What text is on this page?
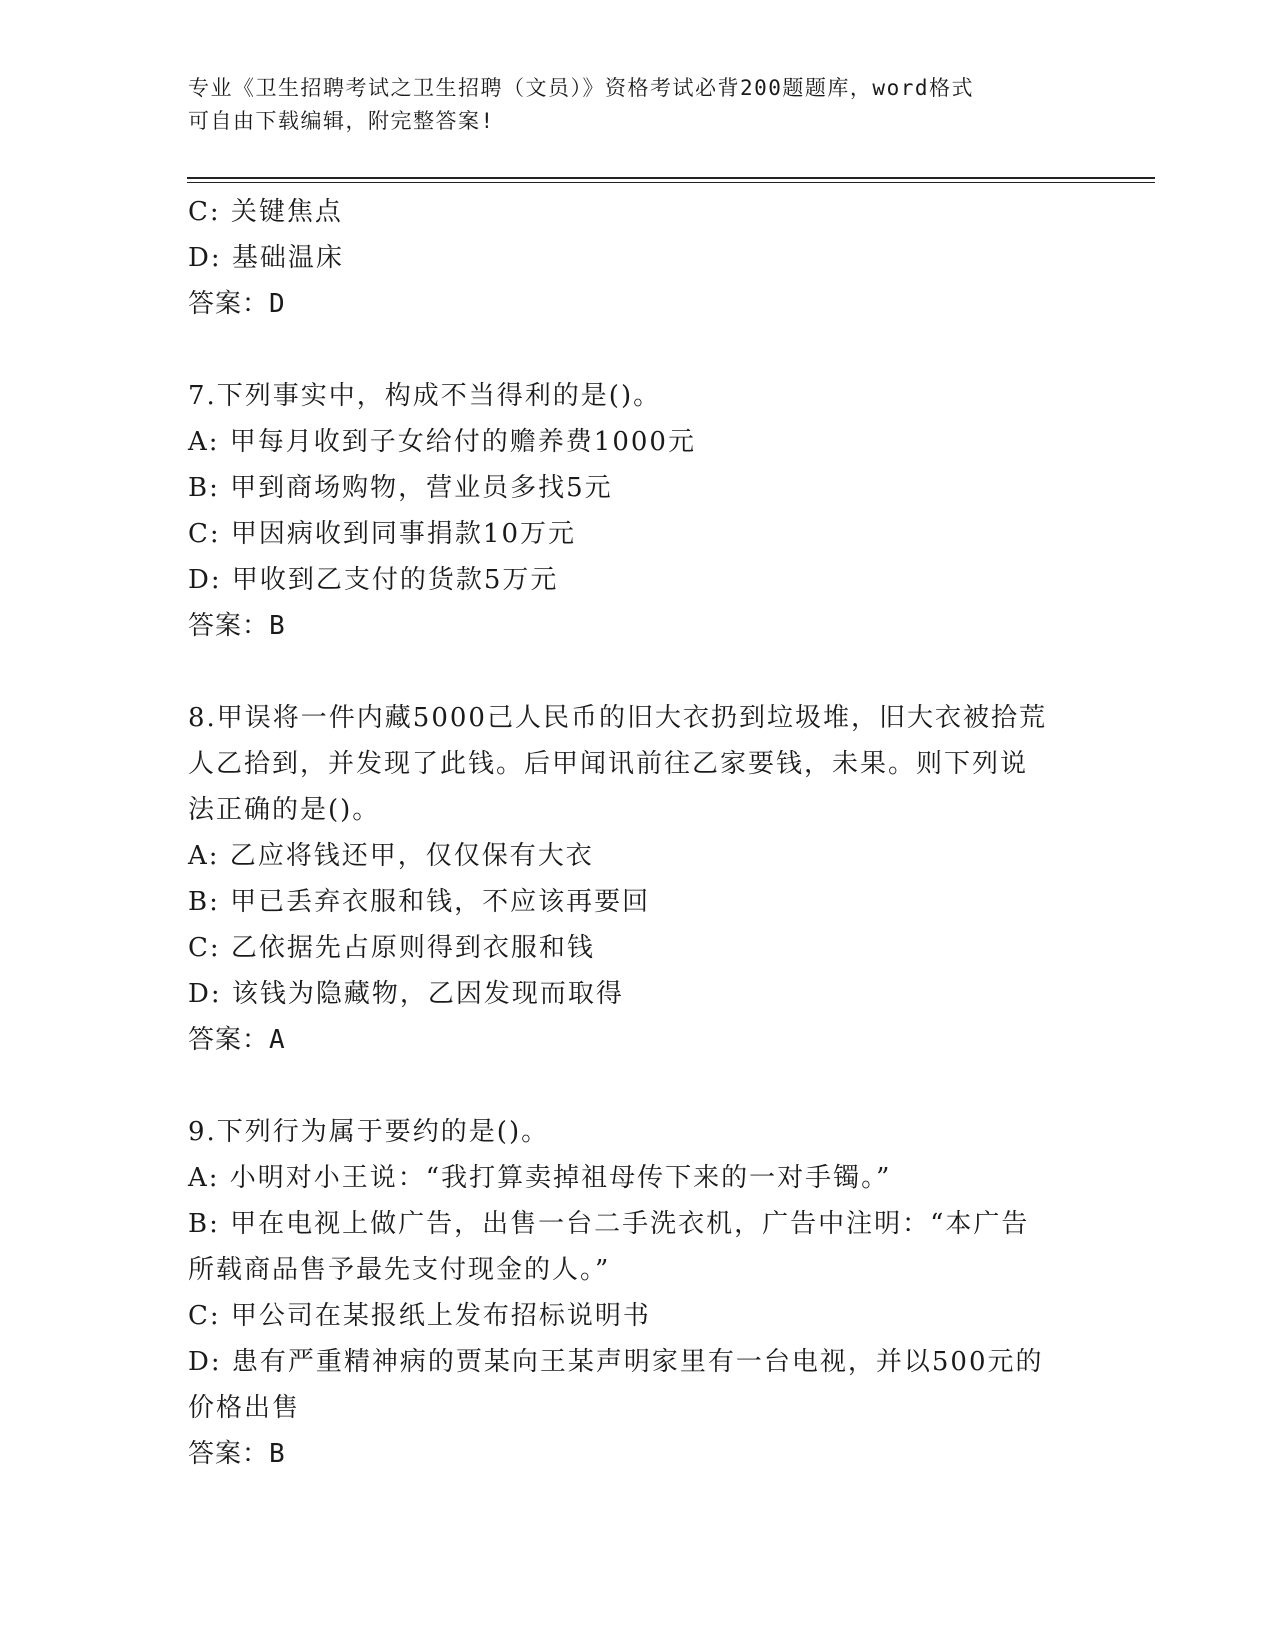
专业《卫生招聘考试之卫生招聘（文员）》资格考试必背200题题库，word格式
可自由下载编辑，附完整答案!
C: 关键焦点
D: 基础温床
答案：D
7.下列事实中，构成不当得利的是()。
A: 甲每月收到子女给付的赡养费1000元
B: 甲到商场购物，营业员多找5元
C: 甲因病收到同事捐款10万元
D: 甲收到乙支付的货款5万元
答案：B
8.甲误将一件内藏5000己人民币的旧大衣扔到垃圾堆，旧大衣被拾荒
人乙拾到，并发现了此钱。后甲闻讯前往乙家要钱，未果。则下列说
法正确的是()。
A: 乙应将钱还甲，仅仅保有大衣
B: 甲已丢弃衣服和钱，不应该再要回
C: 乙依据先占原则得到衣服和钱
D: 该钱为隐藏物，乙因发现而取得
答案：A
9.下列行为属于要约的是()。
A: 小明对小王说：“我打算卖掉祖母传下来的一对手镯。”
B: 甲在电视上做广告，出售一台二手洗衣机，广告中注明：“本广告
所载商品售予最先支付现金的人。”
C: 甲公司在某报纸上发布招标说明书
D: 患有严重精神病的贾某向王某声明家里有一台电视，并以500元的
价格出售
答案：B
